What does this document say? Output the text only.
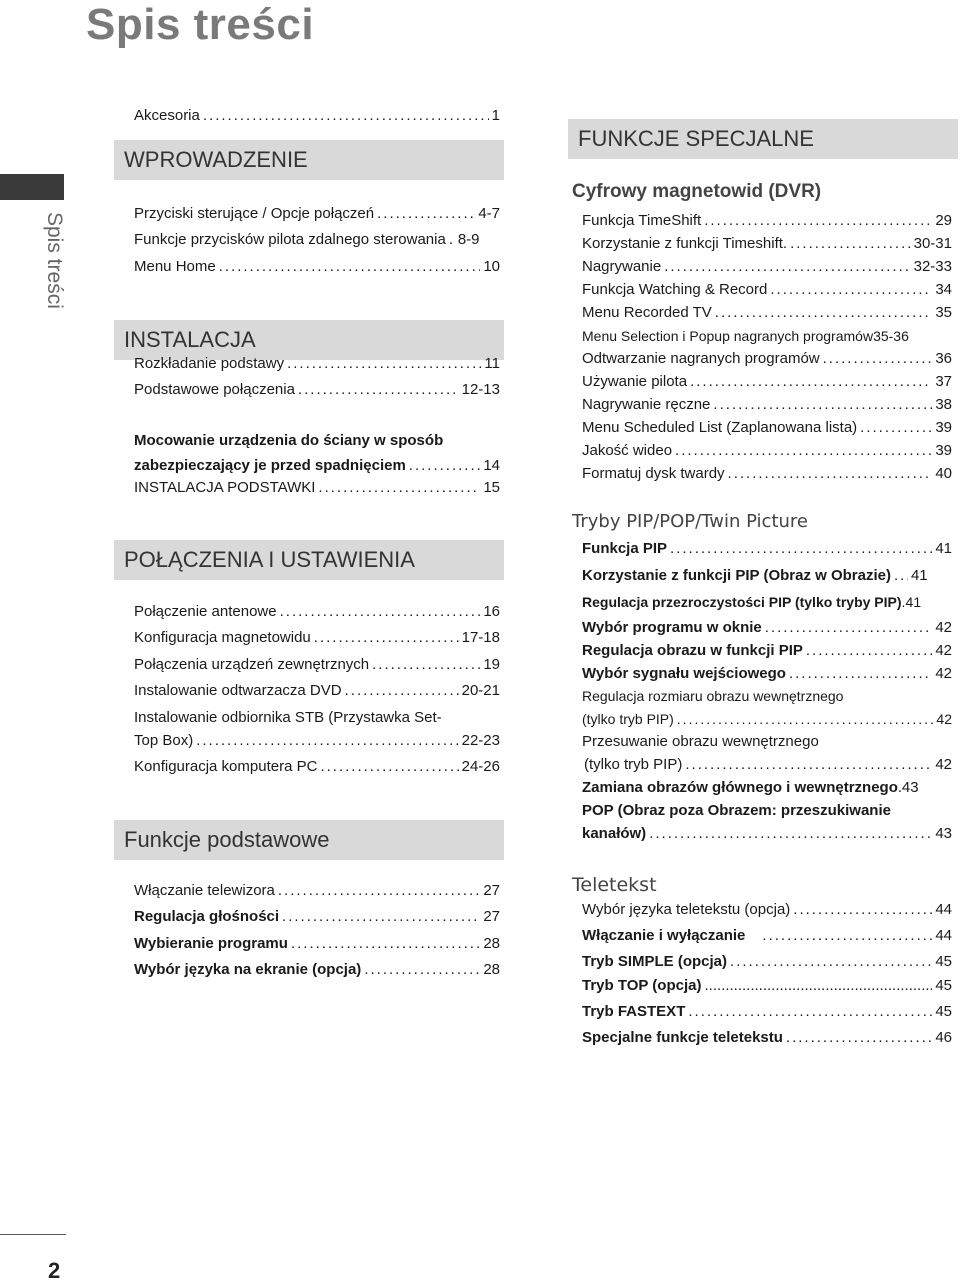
Spis treści
Spis treści
2
Akcesoria .....	1
WPROWADZENIE
Przyciski sterujące / Opcje połączeń .....	4-7
Funkcje przycisków pilota zdalnego sterowania ..... 8-9
Menu Home .....	10
INSTALACJA
Rozkładanie podstawy .....	11
Podstawowe połączenia .....	12-13
Mocowanie urządzenia do ściany w sposób
zabezpieczający je przed spadnięciem .....	14
INSTALACJA PODSTAWKI .....	15
POŁĄCZENIA I USTAWIENIA
Połączenie antenowe .....	16
Konfiguracja magnetowidu .....	17-18
Połączenia urządzeń zewnętrznych .....	19
Instalowanie odtwarzacza DVD .....	20-21
Instalowanie odbiornika STB (Przystawka Set-
Top Box) .....	22-23
Konfiguracja komputera PC .....	24-26
Funkcje podstawowe
Włączanie telewizora .....	27
Regulacja głośności .....	27
Wybieranie programu .....	28
Wybór języka na ekranie (opcja) .....	28
FUNKCJE SPECJALNE
Cyfrowy magnetowid (DVR)
Funkcja TimeShift .....	29
Korzystanie z funkcji Timeshift. .....	30-31
Nagrywanie .....	32-33
Funkcja Watching & Record .....	34
Menu Recorded TV .....	35
Menu Selection i Popup nagranych programów 35-36
Odtwarzanie nagranych programów .....	36
Używanie pilota .....	37
Nagrywanie ręczne .....	38
Menu Scheduled List (Zaplanowana lista) .....	39
Jakość wideo .....	39
Formatuj dysk twardy .....	40
Tryby PIP/POP/Twin Picture
Funkcja PIP .....	41
Korzystanie z funkcji PIP (Obraz w Obrazie) ..... 41
Regulacja przezroczystości PIP (tylko tryby PIP) ..... 41
Wybór programu w oknie .....	42
Regulacja obrazu w funkcji PIP .....	42
Wybór sygnału wejściowego .....	42
Regulacja rozmiaru obrazu wewnętrznego
(tylko tryb PIP) .....	42
Przesuwanie obrazu wewnętrznego
(tylko tryb PIP) .....	42
Zamiana obrazów głównego i wewnętrznego ..... 43
POP (Obraz poza Obrazem: przeszukiwanie
kanałów) .....	43
Teletekst
Wybór języka teletekstu (opcja) .....	44
Włączanie i wyłączanie .....	44
Tryb SIMPLE (opcja) .....	45
Tryb TOP (opcja) .....	45
Tryb FASTEXT .....	45
Specjalne funkcje teletekstu .....	46
